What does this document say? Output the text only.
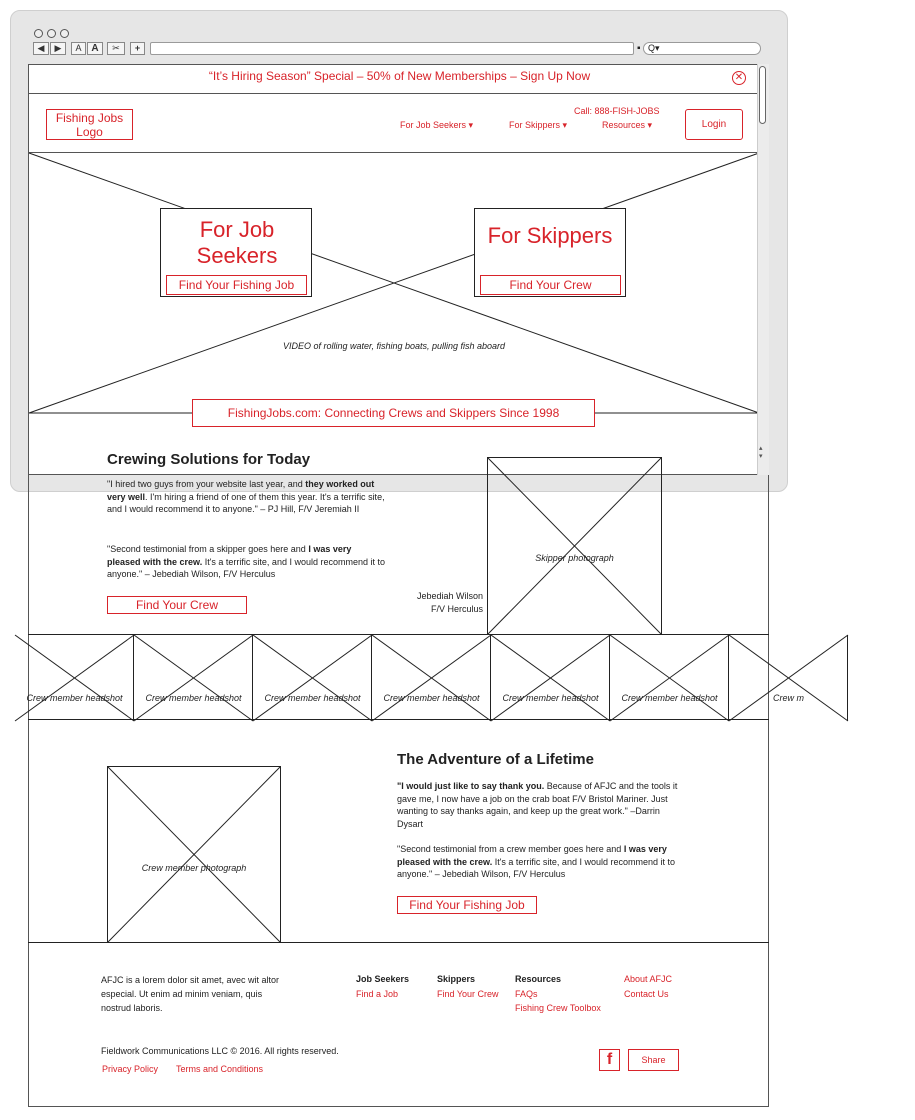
◀	▶	A A	✂	+	▪ Q▾
“It’s Hiring Season” Special – 50% of New Memberships – Sign Up Now	✕
Fishing Jobs Logo
Call: 888-FISH-JOBS
For Job Seekers ▾	For Skippers ▾	Resources ▾	Login
VIDEO of rolling water, fishing boats, pulling fish aboard
For Job Seekers
Find Your Fishing Job
For Skippers
Find Your Crew
FishingJobs.com: Connecting Crews and Skippers Since 1998
▴
▾
Crewing Solutions for Today
"I hired two guys from your website last year, and they worked out very well. I'm hiring a friend of one of them this year. It's a terrific site, and I would recommend it to anyone." – PJ Hill, F/V Jeremiah II
"Second testimonial from a skipper goes here and I was very pleased with the crew. It's a terrific site, and I would recommend it to anyone." – Jebediah Wilson, F/V Herculus
Find Your Crew
Jebediah Wilson
F/V Herculus
Skipper photograph
Crew member headshot	Crew member headshot	Crew member headshot	Crew member headshot	Crew member headshot	Crew member headshot	Crew m
Crew member photograph
The Adventure of a Lifetime
"I would just like to say thank you. Because of AFJC and the tools it gave me, I now have a job on the crab boat F/V Bristol Mariner. Just wanting to say thanks again, and keep up the great work." –Darrin Dysart
"Second testimonial from a crew member goes here and I was very pleased with the crew. It's a terrific site, and I would recommend it to anyone." – Jebediah Wilson, F/V Herculus
Find Your Fishing Job
AFJC is a lorem dolor sit amet, avec wit altor especial. Ut enim ad minim veniam, quis nostrud laboris.
Job Seekers
Find a Job
Skippers
Find Your Crew
Resources
FAQs
Fishing Crew Toolbox
About AFJC
Contact Us
Fieldwork Communications LLC © 2016. All rights reserved.
Privacy Policy Terms and Conditions
f	Share
